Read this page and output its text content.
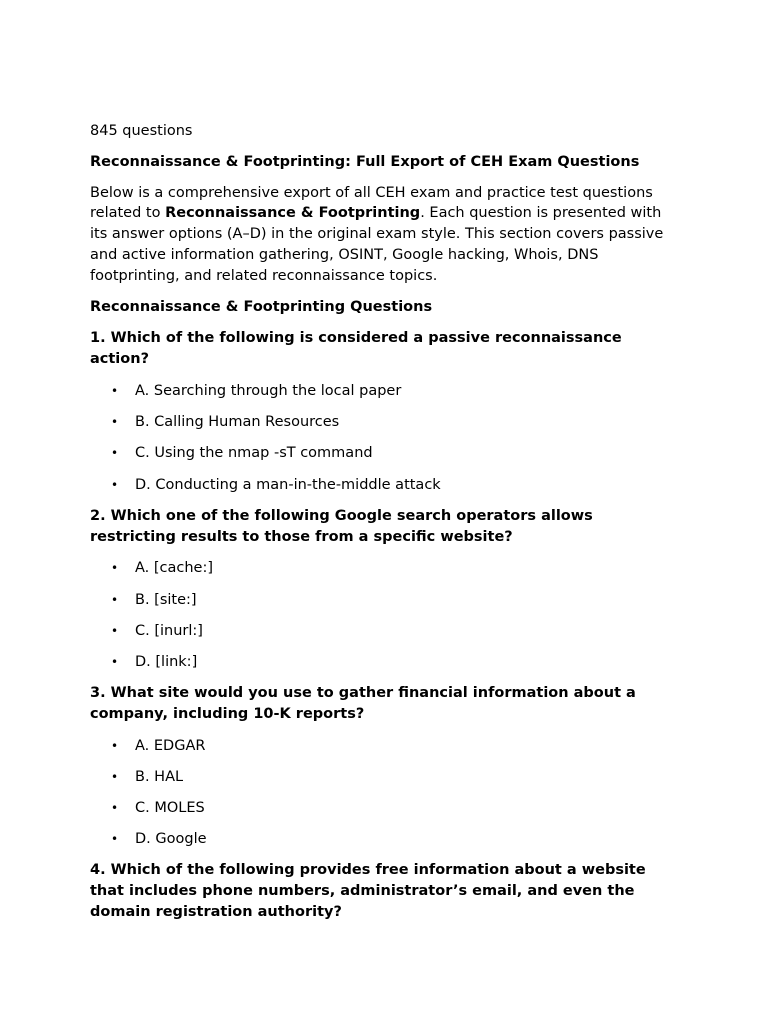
845 questions
Reconnaissance & Footprinting: Full Export of CEH Exam Questions
Below is a comprehensive export of all CEH exam and practice test questions related to Reconnaissance & Footprinting. Each question is presented with its answer options (A–D) in the original exam style. This section covers passive and active information gathering, OSINT, Google hacking, Whois, DNS footprinting, and related reconnaissance topics.
Reconnaissance & Footprinting Questions
1. Which of the following is considered a passive reconnaissance action?
• A. Searching through the local paper
• B. Calling Human Resources
• C. Using the nmap -sT command
• D. Conducting a man-in-the-middle attack
2. Which one of the following Google search operators allows restricting results to those from a specific website?
• A. [cache:]
• B. [site:]
• C. [inurl:]
• D. [link:]
3. What site would you use to gather financial information about a company, including 10-K reports?
• A. EDGAR
• B. HAL
• C. MOLES
• D. Google
4. Which of the following provides free information about a website that includes phone numbers, administrator’s email, and even the domain registration authority?
